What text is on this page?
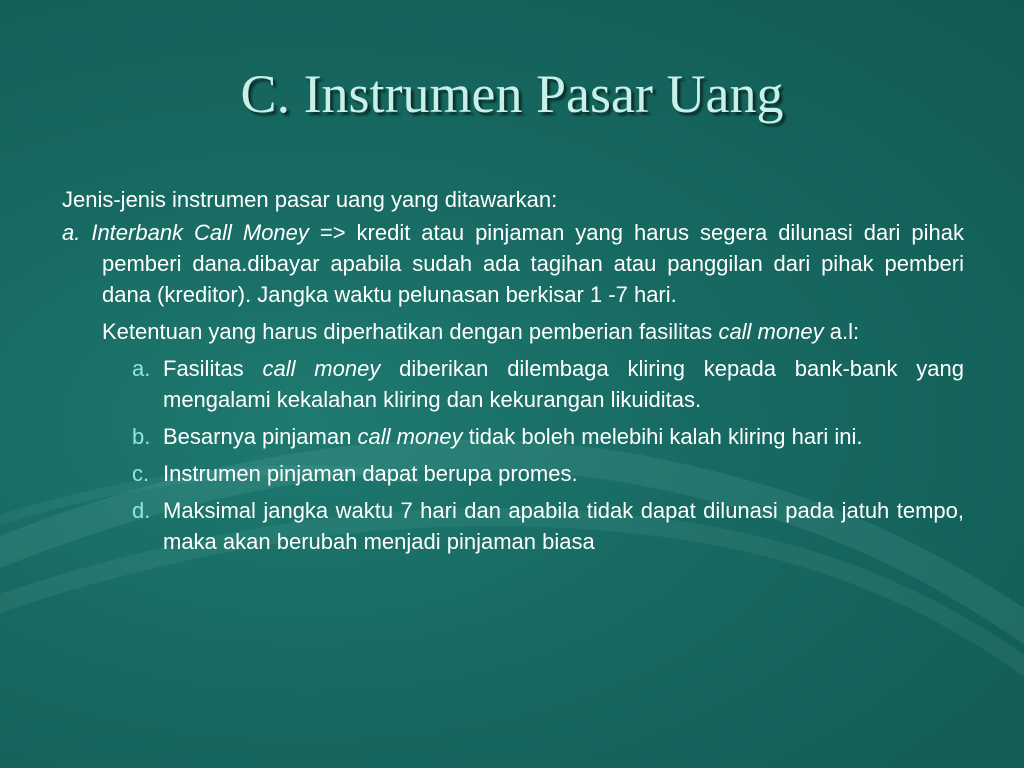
C. Instrumen Pasar Uang

Jenis-jenis instrumen pasar uang yang ditawarkan:

a. Interbank Call Money => kredit atau pinjaman yang harus segera dilunasi dari pihak pemberi dana.dibayar apabila sudah ada tagihan atau panggilan dari pihak pemberi dana (kreditor). Jangka waktu pelunasan berkisar 1 -7 hari.

Ketentuan yang harus diperhatikan dengan pemberian fasilitas call money a.l:

a. Fasilitas call money diberikan dilembaga kliring kepada bank-bank yang mengalami kekalahan kliring dan kekurangan likuiditas.
b. Besarnya pinjaman call money tidak boleh melebihi kalah kliring hari ini.
c. Instrumen pinjaman dapat berupa promes.
d. Maksimal jangka waktu 7 hari dan apabila tidak dapat dilunasi pada jatuh tempo, maka akan berubah menjadi pinjaman biasa
